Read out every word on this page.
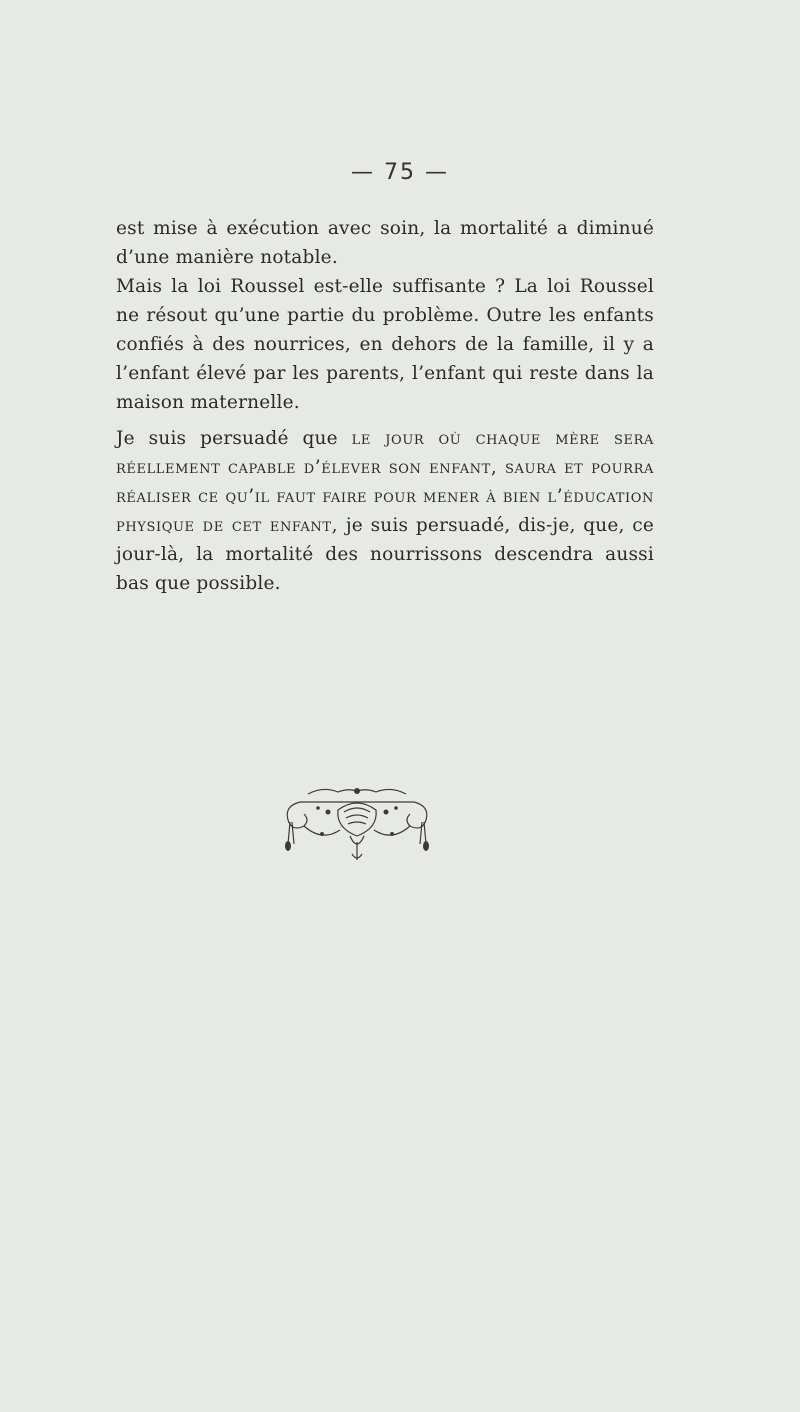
— 75 —

est mise à exécution avec soin, la mortalité a diminué d’une manière notable.

Mais la loi Roussel est-elle suffisante ? La loi Roussel ne résout qu’une partie du problème. Outre les enfants confiés à des nourrices, en dehors de la famille, il y a l’enfant élevé par les parents, l’enfant qui reste dans la maison maternelle.

Je suis persuadé que le jour où chaque mère sera réellement capable d’élever son enfant, saura et pourra réaliser ce qu’il faut faire pour mener à bien l’éducation physique de cet enfant, je suis persuadé, dis-je, que, ce jour-là, la mortalité des nourrissons descendra aussi bas que possible.
